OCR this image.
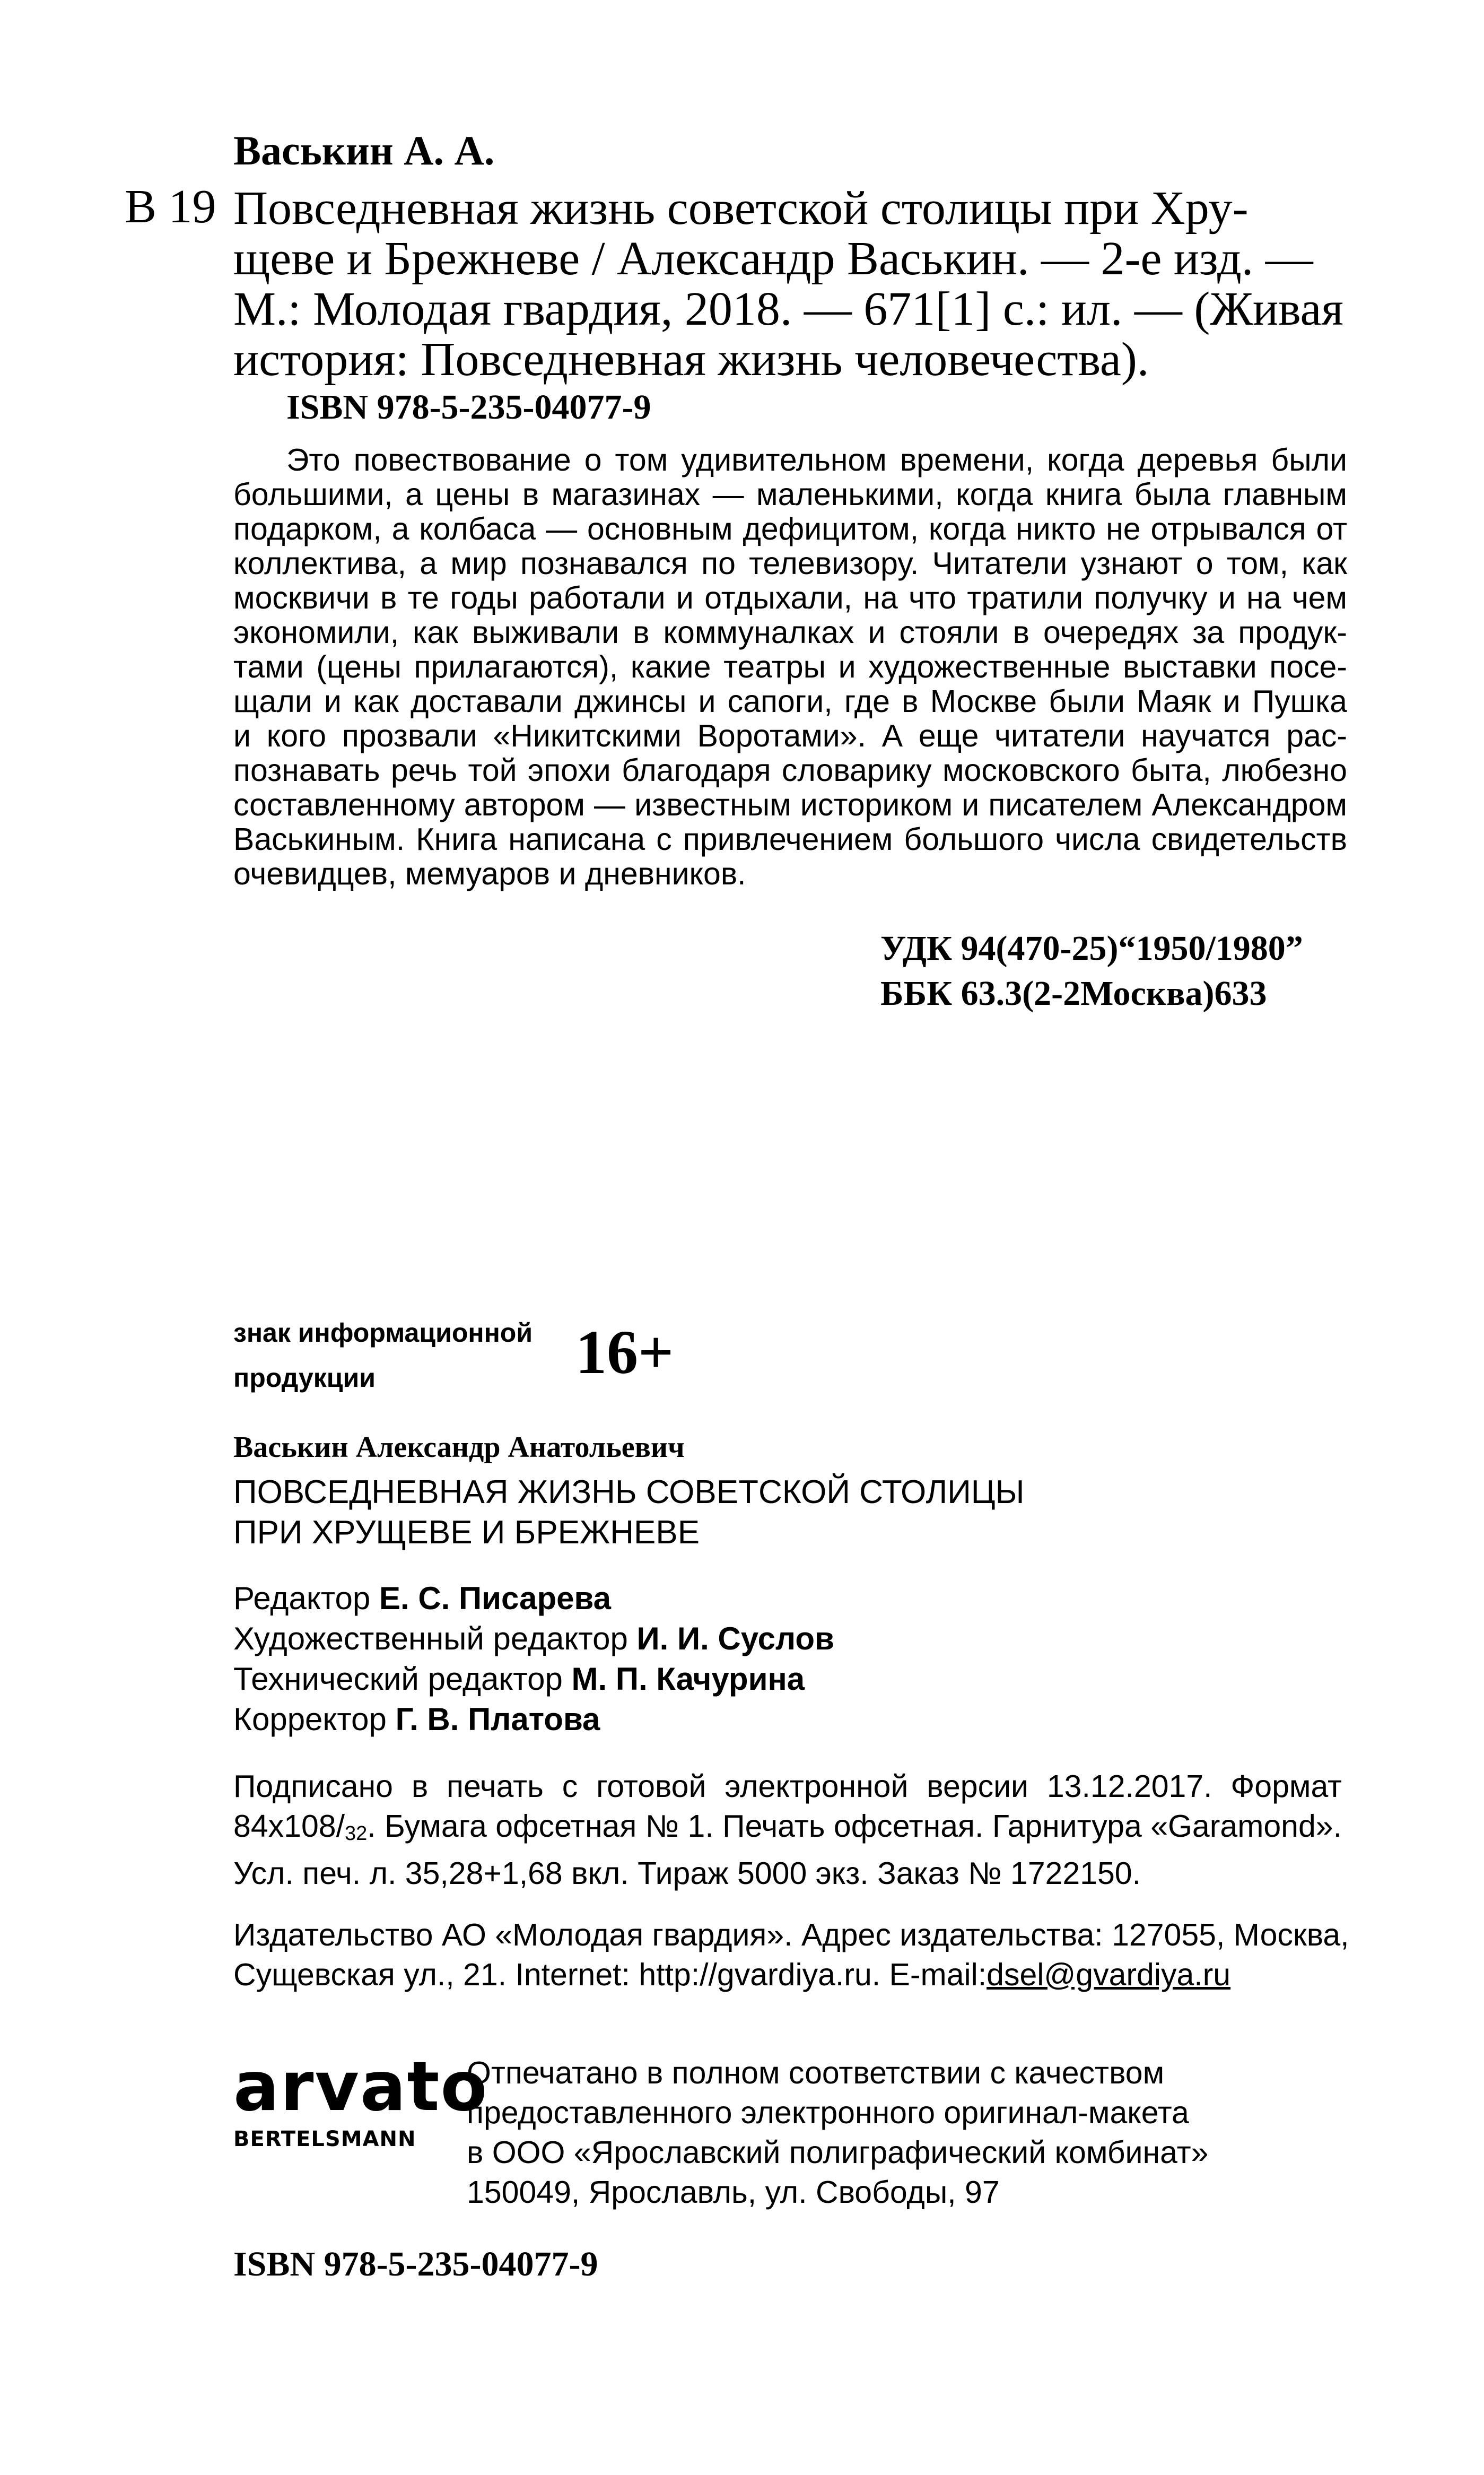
Васькин А. А.
В 19 Повседневная жизнь советской столицы при Хру-
щеве и Брежневе / Александр Васькин. — 2-е изд. —
М.: Молодая гвардия, 2018. — 671[1] с.: ил. — (Живая
история: Повседневная жизнь человечества).
ISBN 978-5-235-04077-9
Это повествование о том удивительном времени, когда деревья были
большими, а цены в магазинах — маленькими, когда книга была главным
подарком, а колбаса — основным дефицитом, когда никто не отрывался от
коллектива, а мир познавался по телевизору. Читатели узнают о том, как
москвичи в те годы работали и отдыхали, на что тратили получку и на чем
экономили, как выживали в коммуналках и стояли в очередях за продук-
тами (цены прилагаются), какие театры и художественные выставки посе-
щали и как доставали джинсы и сапоги, где в Москве были Маяк и Пушка
и кого прозвали «Никитскими Воротами». А еще читатели научатся рас-
познавать речь той эпохи благодаря словарику московского быта, любезно
составленному автором — известным историком и писателем Александром
Васькиным. Книга написана с привлечением большого числа свидетельств
очевидцев, мемуаров и дневников.
УДК 94(470-25)“1950/1980”
ББК 63.3(2-2Москва)633
знак информационной
продукции	16+
Васькин Александр Анатольевич
ПОВСЕДНЕВНАЯ ЖИЗНЬ СОВЕТСКОЙ СТОЛИЦЫ
ПРИ ХРУЩЕВЕ И БРЕЖНЕВЕ
Редактор Е. С. Писарева
Художественный редактор И. И. Суслов
Технический редактор М. П. Качурина
Корректор Г. В. Платова
Подписано в печать с готовой электронной версии 13.12.2017. Формат
$84x108/_{32}$. Бумага офсетная № 1. Печать офсетная. Гарнитура «Garamond».
Усл. печ. л. 35,28+1,68 вкл. Тираж 5000 экз. Заказ № 1722150.
Издательство АО «Молодая гвардия». Адрес издательства: 127055, Москва,
Сущевская ул., 21. Internet: http://gvardiya.ru. E-mail:dsel@gvardiya.ru
arvato
BERTELSMANN
Отпечатано в полном соответствии с качеством
предоставленного электронного оригинал-макета
в ООО «Ярославский полиграфический комбинат»
150049, Ярославль, ул. Свободы, 97
ISBN 978-5-235-04077-9
